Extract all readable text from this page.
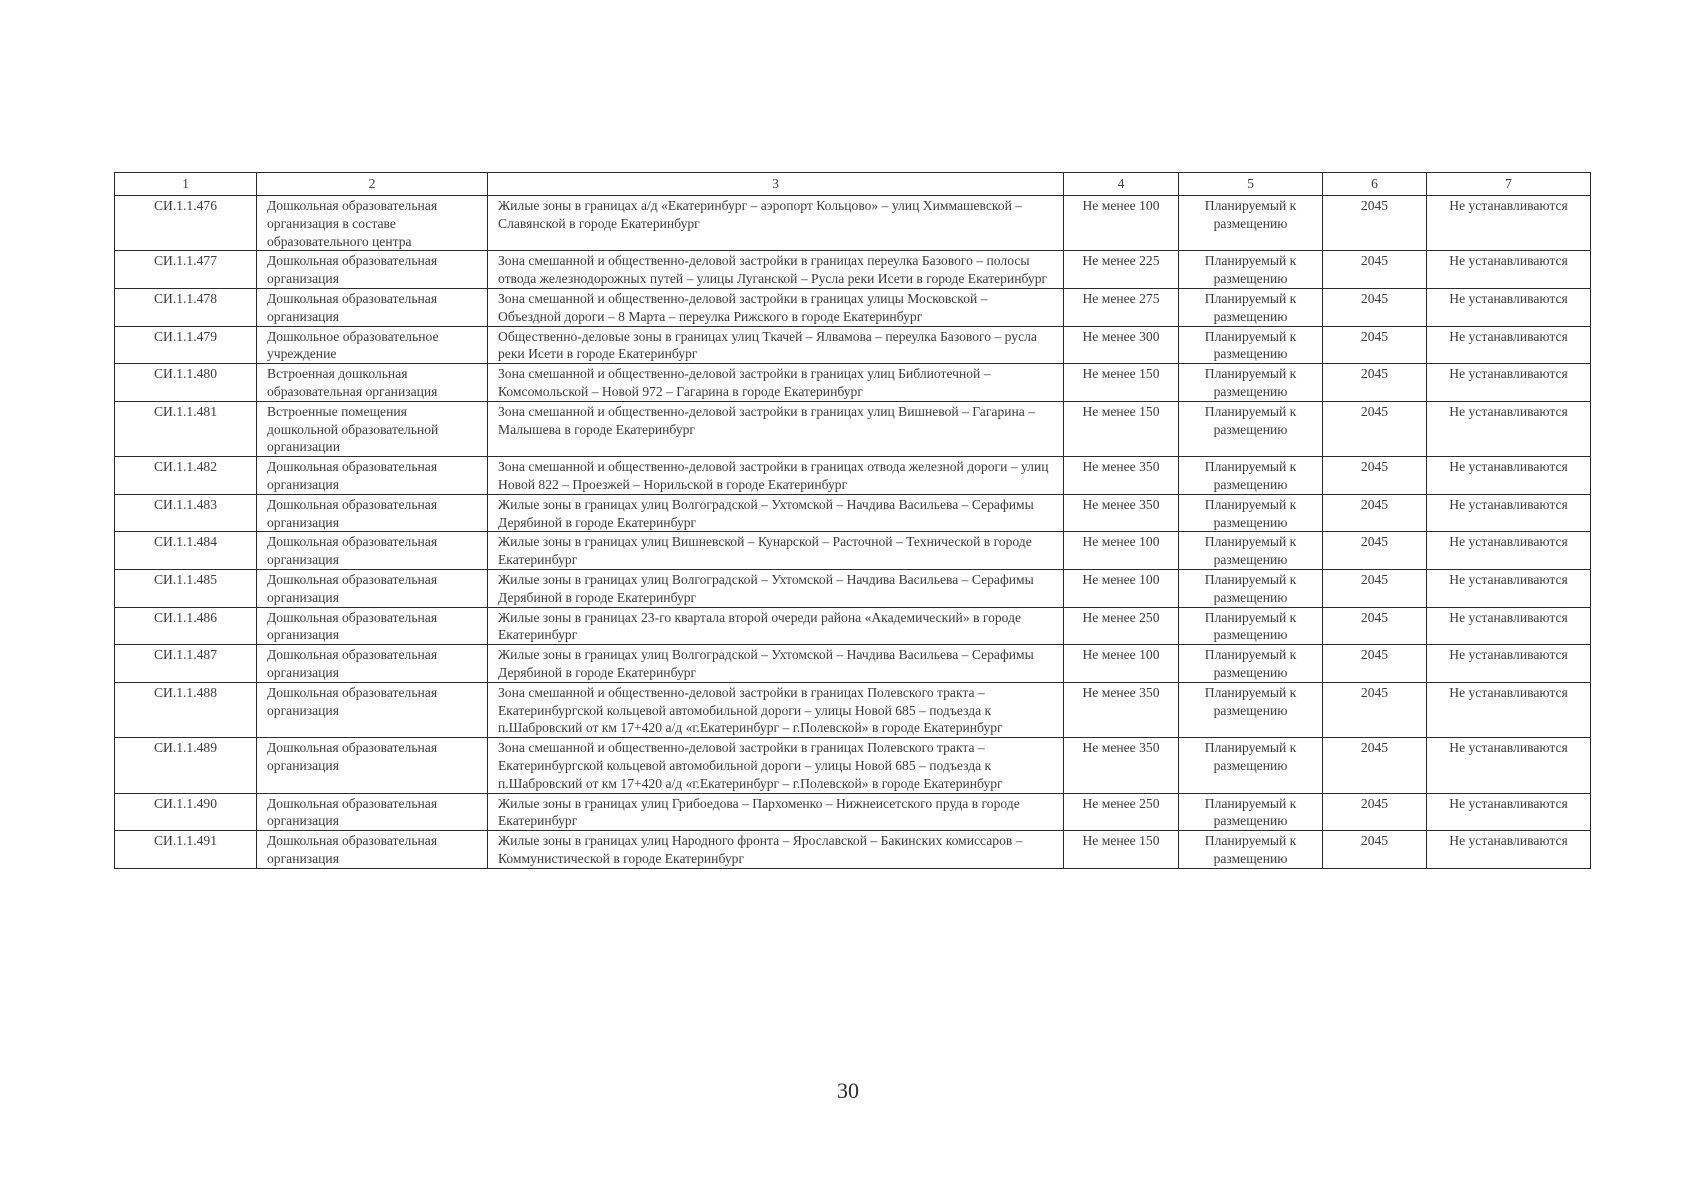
1	2	3	4	5	6	7
СИ.1.1.476	Дошкольная образовательная организация в составе образовательного центра	Жилые зоны в границах а/д «Екатеринбург – аэропорт Кольцово» – улиц Химмашевской – Славянской в городе Екатеринбург	Не менее 100	Планируемый к размещению	2045	Не устанавливаются
СИ.1.1.477	Дошкольная образовательная организация	Зона смешанной и общественно-деловой застройки в границах переулка Базового – полосы отвода железнодорожных путей – улицы Луганской – Русла реки Исети в городе Екатеринбург	Не менее 225	Планируемый к размещению	2045	Не устанавливаются
СИ.1.1.478	Дошкольная образовательная организация	Зона смешанной и общественно-деловой застройки в границах улицы Московской – Объездной дороги – 8 Марта – переулка Рижского в городе Екатеринбург	Не менее 275	Планируемый к размещению	2045	Не устанавливаются
СИ.1.1.479	Дошкольное образовательное учреждение	Общественно-деловые зоны в границах улиц Ткачей – Ялвамова – переулка Базового – русла реки Исети в городе Екатеринбург	Не менее 300	Планируемый к размещению	2045	Не устанавливаются
СИ.1.1.480	Встроенная дошкольная образовательная организация	Зона смешанной и общественно-деловой застройки в границах улиц Библиотечной – Комсомольской – Новой 972 – Гагарина в городе Екатеринбург	Не менее 150	Планируемый к размещению	2045	Не устанавливаются
СИ.1.1.481	Встроенные помещения дошкольной образовательной организации	Зона смешанной и общественно-деловой застройки в границах улиц Вишневой – Гагарина – Малышева в городе Екатеринбург	Не менее 150	Планируемый к размещению	2045	Не устанавливаются
СИ.1.1.482	Дошкольная образовательная организация	Зона смешанной и общественно-деловой застройки в границах отвода железной дороги – улиц Новой 822 – Проезжей – Норильской в городе Екатеринбург	Не менее 350	Планируемый к размещению	2045	Не устанавливаются
СИ.1.1.483	Дошкольная образовательная организация	Жилые зоны в границах улиц Волгоградской – Ухтомской – Начдива Васильева – Серафимы Дерябиной в городе Екатеринбург	Не менее 350	Планируемый к размещению	2045	Не устанавливаются
СИ.1.1.484	Дошкольная образовательная организация	Жилые зоны в границах улиц Вишневской – Кунарской – Расточной – Технической в городе Екатеринбург	Не менее 100	Планируемый к размещению	2045	Не устанавливаются
СИ.1.1.485	Дошкольная образовательная организация	Жилые зоны в границах улиц Волгоградской – Ухтомской – Начдива Васильева – Серафимы Дерябиной в городе Екатеринбург	Не менее 100	Планируемый к размещению	2045	Не устанавливаются
СИ.1.1.486	Дошкольная образовательная организация	Жилые зоны в границах 23-го квартала второй очереди района «Академический» в городе Екатеринбург	Не менее 250	Планируемый к размещению	2045	Не устанавливаются
СИ.1.1.487	Дошкольная образовательная организация	Жилые зоны в границах улиц Волгоградской – Ухтомской – Начдива Васильева – Серафимы Дерябиной в городе Екатеринбург	Не менее 100	Планируемый к размещению	2045	Не устанавливаются
СИ.1.1.488	Дошкольная образовательная организация	Зона смешанной и общественно-деловой застройки в границах Полевского тракта – Екатеринбургской кольцевой автомобильной дороги – улицы Новой 685 – подъезда к п.Шабровский от км 17+420 а/д «г.Екатеринбург – г.Полевской» в городе Екатеринбург	Не менее 350	Планируемый к размещению	2045	Не устанавливаются
СИ.1.1.489	Дошкольная образовательная организация	Зона смешанной и общественно-деловой застройки в границах Полевского тракта – Екатеринбургской кольцевой автомобильной дороги – улицы Новой 685 – подъезда к п.Шабровский от км 17+420 а/д «г.Екатеринбург – г.Полевской» в городе Екатеринбург	Не менее 350	Планируемый к размещению	2045	Не устанавливаются
СИ.1.1.490	Дошкольная образовательная организация	Жилые зоны в границах улиц Грибоедова – Пархоменко – Нижнеисетского пруда в городе Екатеринбург	Не менее 250	Планируемый к размещению	2045	Не устанавливаются
СИ.1.1.491	Дошкольная образовательная организация	Жилые зоны в границах улиц Народного фронта – Ярославской – Бакинских комиссаров – Коммунистической в городе Екатеринбург	Не менее 150	Планируемый к размещению	2045	Не устанавливаются
30
